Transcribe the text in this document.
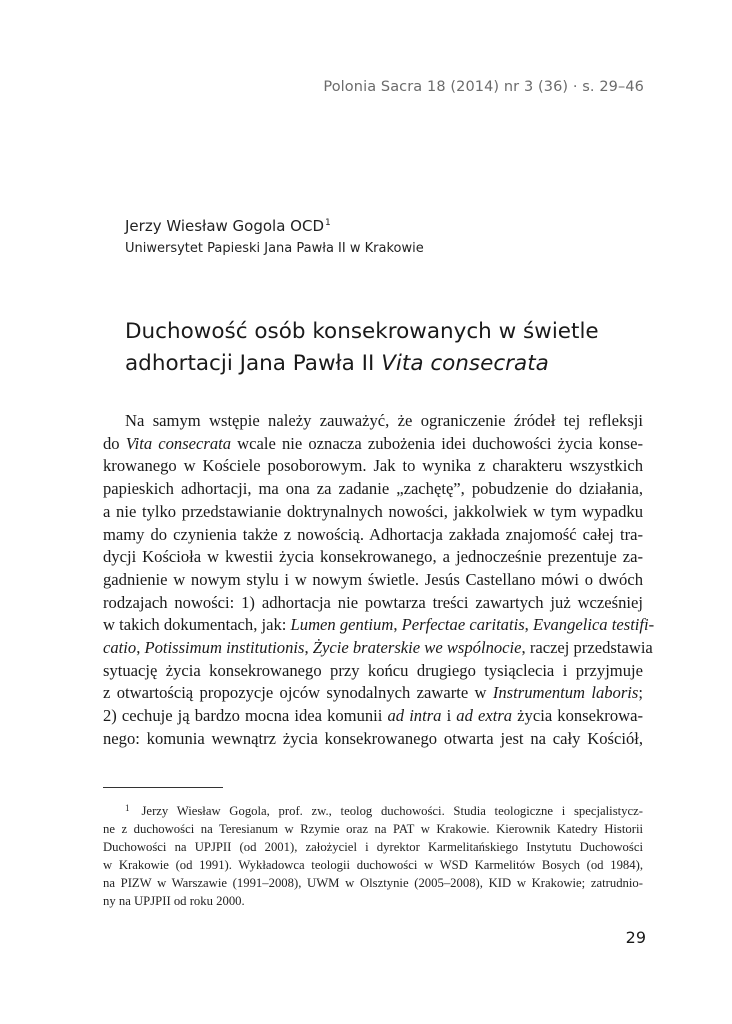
Polonia Sacra 18 (2014) nr 3 (36) · s. 29–46
Jerzy Wiesław Gogola OCD$^1$
Uniwersytet Papieski Jana Pawła II w Krakowie
Duchowość osób konsekrowanych w świetle
adhortacji Jana Pawła II Vita consecrata
Na samym wstępie należy zauważyć, że ograniczenie źródeł tej refleksji
do Vita consecrata wcale nie oznacza zubożenia idei duchowości życia konse-
krowanego w Kościele posoborowym. Jak to wynika z charakteru wszystkich
papieskich adhortacji, ma ona za zadanie „zachętę”, pobudzenie do działania,
a nie tylko przedstawianie doktrynalnych nowości, jakkolwiek w tym wypadku
mamy do czynienia także z nowością. Adhortacja zakłada znajomość całej tra-
dycji Kościoła w kwestii życia konsekrowanego, a jednocześnie prezentuje za-
gadnienie w nowym stylu i w nowym świetle. Jesús Castellano mówi o dwóch
rodzajach nowości: 1) adhortacja nie powtarza treści zawartych już wcześniej
w takich dokumentach, jak: Lumen gentium, Perfectae caritatis, Evangelica testifi-
catio, Potissimum institutionis, Życie braterskie we wspólnocie, raczej przedstawia
sytuację życia konsekrowanego przy końcu drugiego tysiąclecia i przyjmuje
z otwartością propozycje ojców synodalnych zawarte w Instrumentum laboris;
2) cechuje ją bardzo mocna idea komunii ad intra i ad extra życia konsekrowa-
nego: komunia wewnątrz życia konsekrowanego otwarta jest na cały Kościół,
$^1$ Jerzy Wiesław Gogola, prof. zw., teolog duchowości. Studia teologiczne i specjalistycz-
ne z duchowości na Teresianum w Rzymie oraz na PAT w Krakowie. Kierownik Katedry Historii
Duchowości na UPJPII (od 2001), założyciel i dyrektor Karmelitańskiego Instytutu Duchowości
w Krakowie (od 1991). Wykładowca teologii duchowości w WSD Karmelitów Bosych (od 1984),
na PIZW w Warszawie (1991–2008), UWM w Olsztynie (2005–2008), KID w Krakowie; zatrudnio-
ny na UPJPII od roku 2000.
29
